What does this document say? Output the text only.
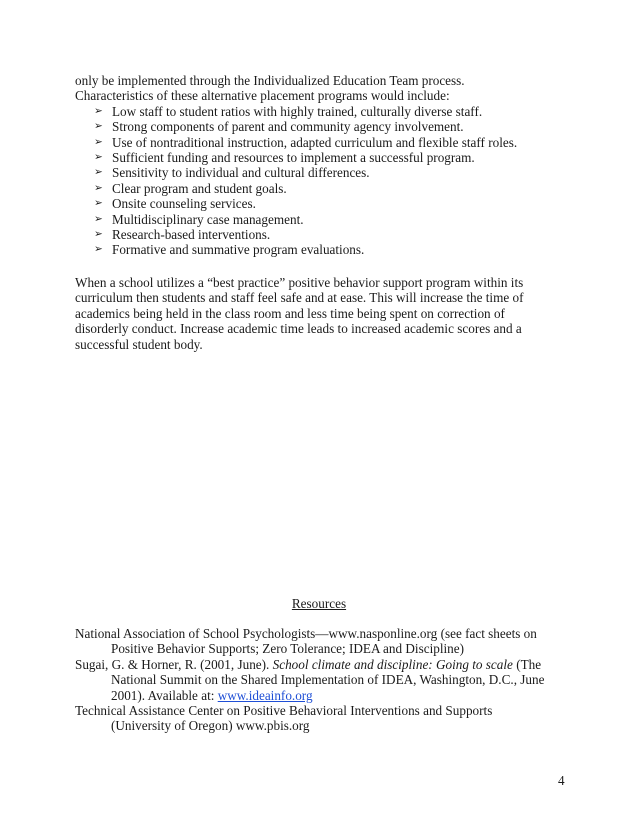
only be implemented through the Individualized Education Team process.

Characteristics of these alternative placement programs would include:

➢ Low staff to student ratios with highly trained, culturally diverse staff.
➢ Strong components of parent and community agency involvement.
➢ Use of nontraditional instruction, adapted curriculum and flexible staff roles.
➢ Sufficient funding and resources to implement a successful program.
➢ Sensitivity to individual and cultural differences.
➢ Clear program and student goals.
➢ Onsite counseling services.
➢ Multidisciplinary case management.
➢ Research-based interventions.
➢ Formative and summative program evaluations.

When a school utilizes a “best practice” positive behavior support program within its

curriculum then students and staff feel safe and at ease. This will increase the time of

academics being held in the class room and less time being spent on correction of

disorderly conduct. Increase academic time leads to increased academic scores and a

successful student body.

Resources

National Association of School Psychologists—www.nasponline.org (see fact sheets on
Positive Behavior Supports; Zero Tolerance; IDEA and Discipline)
Sugai, G. & Horner, R. (2001, June). School climate and discipline: Going to scale (The
National Summit on the Shared Implementation of IDEA, Washington, D.C., June
2001). Available at: www.ideainfo.org
Technical Assistance Center on Positive Behavioral Interventions and Supports
(University of Oregon) www.pbis.org

4
